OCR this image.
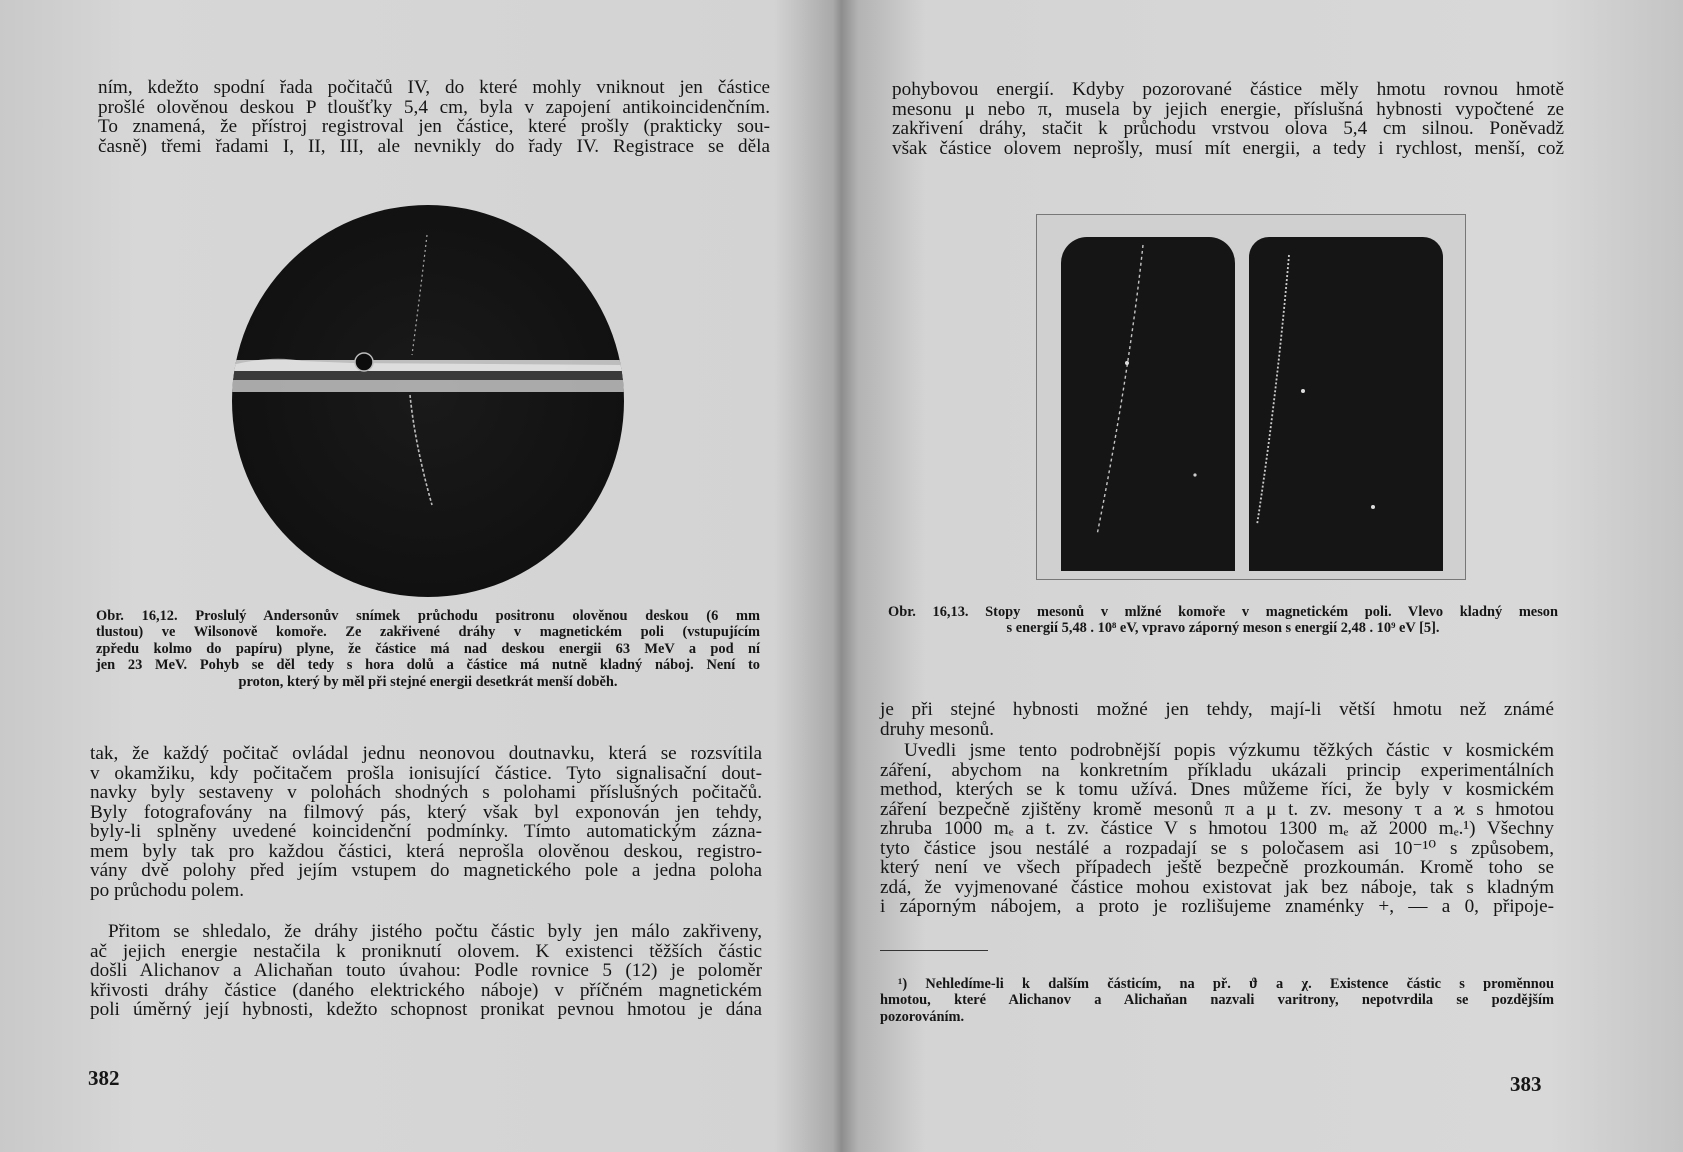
ním, kdežto spodní řada počitačů IV, do které mohly vniknout jen částice
prošlé olověnou deskou P tloušťky 5,4 cm, byla v zapojení antikoincidenčním.
To znamená, že přístroj registroval jen částice, které prošly (prakticky sou-
časně) třemi řadami I, II, III, ale nevnikly do řady IV. Registrace se děla

Obr. 16,12. Proslulý Andersonův snímek průchodu positronu olověnou deskou (6 mm
tlustou) ve Wilsonově komoře. Ze zakřivené dráhy v magnetickém poli (vstupujícím
zpředu kolmo do papíru) plyne, že částice má nad deskou energii 63 MeV a pod ní
jen 23 MeV. Pohyb se děl tedy s hora dolů a částice má nutně kladný náboj. Není to
proton, který by měl při stejné energii desetkrát menší doběh.

tak, že každý počitač ovládal jednu neonovou doutnavku, která se rozsvítila
v okamžiku, kdy počitačem prošla ionisující částice. Tyto signalisační dout-
navky byly sestaveny v polohách shodných s polohami příslušných počitačů.
Byly fotografovány na filmový pás, který však byl exponován jen tehdy,
byly-li splněny uvedené koincidenční podmínky. Tímto automatickým zázna-
mem byly tak pro každou částici, která neprošla olověnou deskou, registro-
vány dvě polohy před jejím vstupem do magnetického pole a jedna poloha
po průchodu polem.

Přitom se shledalo, že dráhy jistého počtu částic byly jen málo zakřiveny,
ač jejich energie nestačila k proniknutí olovem. K existenci těžších částic
došli Alichanov a Alichaňan touto úvahou: Podle rovnice 5 (12) je poloměr
křivosti dráhy částice (daného elektrického náboje) v příčném magnetickém
poli úměrný její hybnosti, kdežto schopnost pronikat pevnou hmotou je dána

382

pohybovou energií. Kdyby pozorované částice měly hmotu rovnou hmotě
mesonu μ nebo π, musela by jejich energie, příslušná hybnosti vypočtené ze
zakřivení dráhy, stačit k průchodu vrstvou olova 5,4 cm silnou. Poněvadž
však částice olovem neprošly, musí mít energii, a tedy i rychlost, menší, což

Obr. 16,13. Stopy mesonů v mlžné komoře v magnetickém poli. Vlevo kladný meson
s energií 5,48 . 10⁸ eV, vpravo záporný meson s energií 2,48 . 10⁹ eV [5].

je při stejné hybnosti možné jen tehdy, mají-li větší hmotu než známé
druhy mesonů.

Uvedli jsme tento podrobnější popis výzkumu těžkých částic v kosmickém
záření, abychom na konkretním příkladu ukázali princip experimentálních
method, kterých se k tomu užívá. Dnes můžeme říci, že byly v kosmickém
záření bezpečně zjištěny kromě mesonů π a μ t. zv. mesony τ a ϰ s hmotou
zhruba 1000 mₑ a t. zv. částice V s hmotou 1300 mₑ až 2000 mₑ.¹) Všechny
tyto částice jsou nestálé a rozpadají se s poločasem asi 10⁻¹⁰ s způsobem,
který není ve všech případech ještě bezpečně prozkoumán. Kromě toho se
zdá, že vyjmenované částice mohou existovat jak bez náboje, tak s kladným
i záporným nábojem, a proto je rozlišujeme znaménky +, — a 0, připoje-

¹) Nehledíme-li k dalším částicím, na př. ϑ a χ. Existence částic s proměnnou
hmotou, které Alichanov a Alichaňan nazvali varitrony, nepotvrdila se pozdějším
pozorováním.

383
